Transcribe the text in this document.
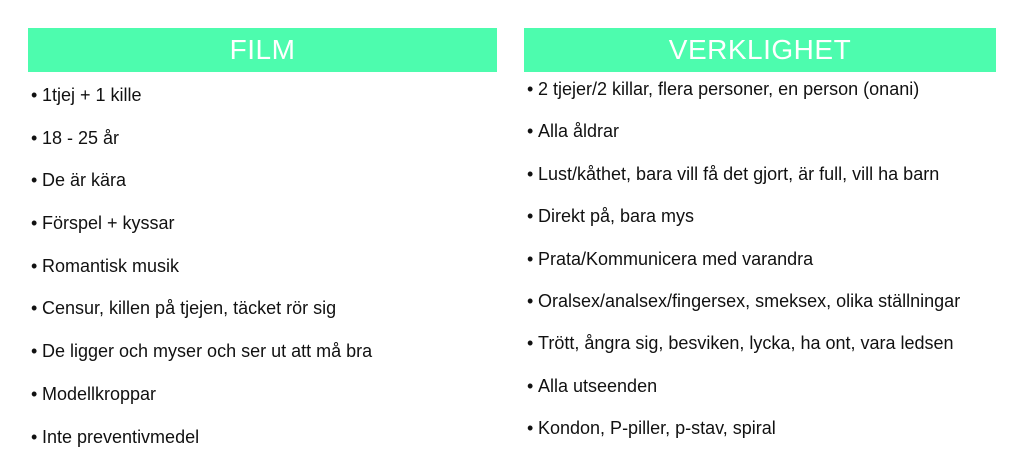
FILM
• 1tjej + 1 kille
• 18 - 25 år
• De är kära
• Förspel + kyssar
• Romantisk musik
• Censur, killen på tjejen, täcket rör sig
• De ligger och myser och ser ut att må bra
• Modellkroppar
• Inte preventivmedel
VERKLIGHET
• 2 tjejer/2 killar, flera personer, en person (onani)
• Alla åldrar
• Lust/kåthet, bara vill få det gjort, är full, vill ha barn
• Direkt på, bara mys
• Prata/Kommunicera med varandra
• Oralsex/analsex/fingersex, smeksex, olika ställningar
• Trött, ångra sig, besviken, lycka, ha ont, vara ledsen
• Alla utseenden
• Kondon, P-piller, p-stav, spiral
